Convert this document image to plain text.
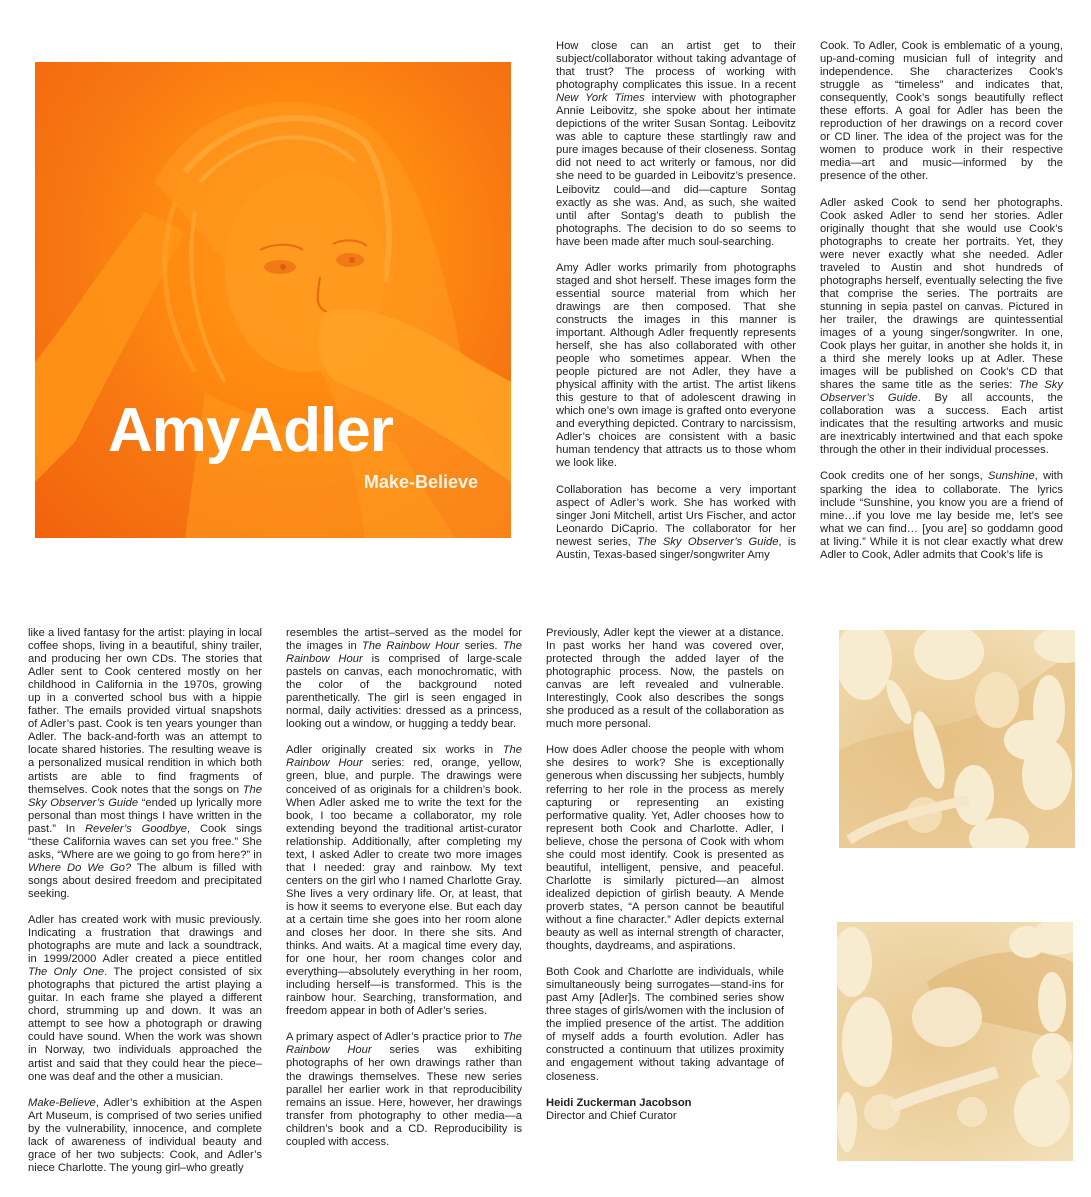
AmyAdler
Make-Believe

How close can an artist get to their subject/collaborator without taking advantage of that trust? The process of working with photography complicates this issue. In a recent New York Times interview with photographer Annie Leibovitz, she spoke about her intimate depictions of the writer Susan Sontag. Leibovitz was able to capture these startlingly raw and pure images because of their closeness. Sontag did not need to act writerly or famous, nor did she need to be guarded in Leibovitz’s presence. Leibovitz could—and did—capture Sontag exactly as she was. And, as such, she waited until after Sontag’s death to publish the photographs. The decision to do so seems to have been made after much soul-searching.

Amy Adler works primarily from photographs staged and shot herself. These images form the essential source material from which her drawings are then composed. That she constructs the images in this manner is important. Although Adler frequently represents herself, she has also collaborated with other people who sometimes appear. When the people pictured are not Adler, they have a physical affinity with the artist. The artist likens this gesture to that of adolescent drawing in which one’s own image is grafted onto everyone and everything depicted. Contrary to narcissism, Adler’s choices are consistent with a basic human tendency that attracts us to those whom we look like.

Collaboration has become a very important aspect of Adler’s work. She has worked with singer Joni Mitchell, artist Urs Fischer, and actor Leonardo DiCaprio. The collaborator for her newest series, The Sky Observer’s Guide, is Austin, Texas-based singer/songwriter Amy

Cook. To Adler, Cook is emblematic of a young, up-and-coming musician full of integrity and independence. She characterizes Cook’s struggle as “timeless” and indicates that, consequently, Cook’s songs beautifully reflect these efforts. A goal for Adler has been the reproduction of her drawings on a record cover or CD liner. The idea of the project was for the women to produce work in their respective media—art and music—informed by the presence of the other.

Adler asked Cook to send her photographs. Cook asked Adler to send her stories. Adler originally thought that she would use Cook’s photographs to create her portraits. Yet, they were never exactly what she needed. Adler traveled to Austin and shot hundreds of photographs herself, eventually selecting the five that comprise the series. The portraits are stunning in sepia pastel on canvas. Pictured in her trailer, the drawings are quintessential images of a young singer/songwriter. In one, Cook plays her guitar, in another she holds it, in a third she merely looks up at Adler. These images will be published on Cook’s CD that shares the same title as the series: The Sky Observer’s Guide. By all accounts, the collaboration was a success. Each artist indicates that the resulting artworks and music are inextricably intertwined and that each spoke through the other in their individual processes.

Cook credits one of her songs, Sunshine, with sparking the idea to collaborate. The lyrics include “Sunshine, you know you are a friend of mine…if you love me lay beside me, let’s see what we can find… [you are] so goddamn good at living.” While it is not clear exactly what drew Adler to Cook, Adler admits that Cook’s life is

like a lived fantasy for the artist: playing in local coffee shops, living in a beautiful, shiny trailer, and producing her own CDs. The stories that Adler sent to Cook centered mostly on her childhood in California in the 1970s, growing up in a converted school bus with a hippie father. The emails provided virtual snapshots of Adler’s past. Cook is ten years younger than Adler. The back-and-forth was an attempt to locate shared histories. The resulting weave is a personalized musical rendition in which both artists are able to find fragments of themselves. Cook notes that the songs on The Sky Observer’s Guide “ended up lyrically more personal than most things I have written in the past.” In Reveler’s Goodbye, Cook sings “these California waves can set you free.” She asks, “Where are we going to go from here?” in Where Do We Go? The album is filled with songs about desired freedom and precipitated seeking.

Adler has created work with music previously. Indicating a frustration that drawings and photographs are mute and lack a soundtrack, in 1999/2000 Adler created a piece entitled The Only One. The project consisted of six photographs that pictured the artist playing a guitar. In each frame she played a different chord, strumming up and down. It was an attempt to see how a photograph or drawing could have sound. When the work was shown in Norway, two individuals approached the artist and said that they could hear the piece–one was deaf and the other a musician.

Make-Believe, Adler’s exhibition at the Aspen Art Museum, is comprised of two series unified by the vulnerability, innocence, and complete lack of awareness of individual beauty and grace of her two subjects: Cook, and Adler’s niece Charlotte. The young girl–who greatly

resembles the artist–served as the model for the images in The Rainbow Hour series. The Rainbow Hour is comprised of large-scale pastels on canvas, each monochromatic, with the color of the background noted parenthetically. The girl is seen engaged in normal, daily activities: dressed as a princess, looking out a window, or hugging a teddy bear.

Adler originally created six works in The Rainbow Hour series: red, orange, yellow, green, blue, and purple. The drawings were conceived of as originals for a children’s book. When Adler asked me to write the text for the book, I too became a collaborator, my role extending beyond the traditional artist-curator relationship. Additionally, after completing my text, I asked Adler to create two more images that I needed: gray and rainbow. My text centers on the girl who I named Charlotte Gray. She lives a very ordinary life. Or, at least, that is how it seems to everyone else. But each day at a certain time she goes into her room alone and closes her door. In there she sits. And thinks. And waits. At a magical time every day, for one hour, her room changes color and everything—absolutely everything in her room, including herself—is transformed. This is the rainbow hour. Searching, transformation, and freedom appear in both of Adler’s series.

A primary aspect of Adler’s practice prior to The Rainbow Hour series was exhibiting photographs of her own drawings rather than the drawings themselves. These new series parallel her earlier work in that reproducibility remains an issue. Here, however, her drawings transfer from photography to other media—a children’s book and a CD. Reproducibility is coupled with access.

Previously, Adler kept the viewer at a distance. In past works her hand was covered over, protected through the added layer of the photographic process. Now, the pastels on canvas are left revealed and vulnerable. Interestingly, Cook also describes the songs she produced as a result of the collaboration as much more personal.

How does Adler choose the people with whom she desires to work? She is exceptionally generous when discussing her subjects, humbly referring to her role in the process as merely capturing or representing an existing performative quality. Yet, Adler chooses how to represent both Cook and Charlotte. Adler, I believe, chose the persona of Cook with whom she could most identify. Cook is presented as beautiful, intelligent, pensive, and peaceful. Charlotte is similarly pictured—an almost idealized depiction of girlish beauty. A Mende proverb states, “A person cannot be beautiful without a fine character.” Adler depicts external beauty as well as internal strength of character, thoughts, daydreams, and aspirations.

Both Cook and Charlotte are individuals, while simultaneously being surrogates—stand-ins for past Amy [Adler]s. The combined series show three stages of girls/women with the inclusion of the implied presence of the artist. The addition of myself adds a fourth evolution. Adler has constructed a continuum that utilizes proximity and engagement without taking advantage of closeness.

Heidi Zuckerman Jacobson
Director and Chief Curator
